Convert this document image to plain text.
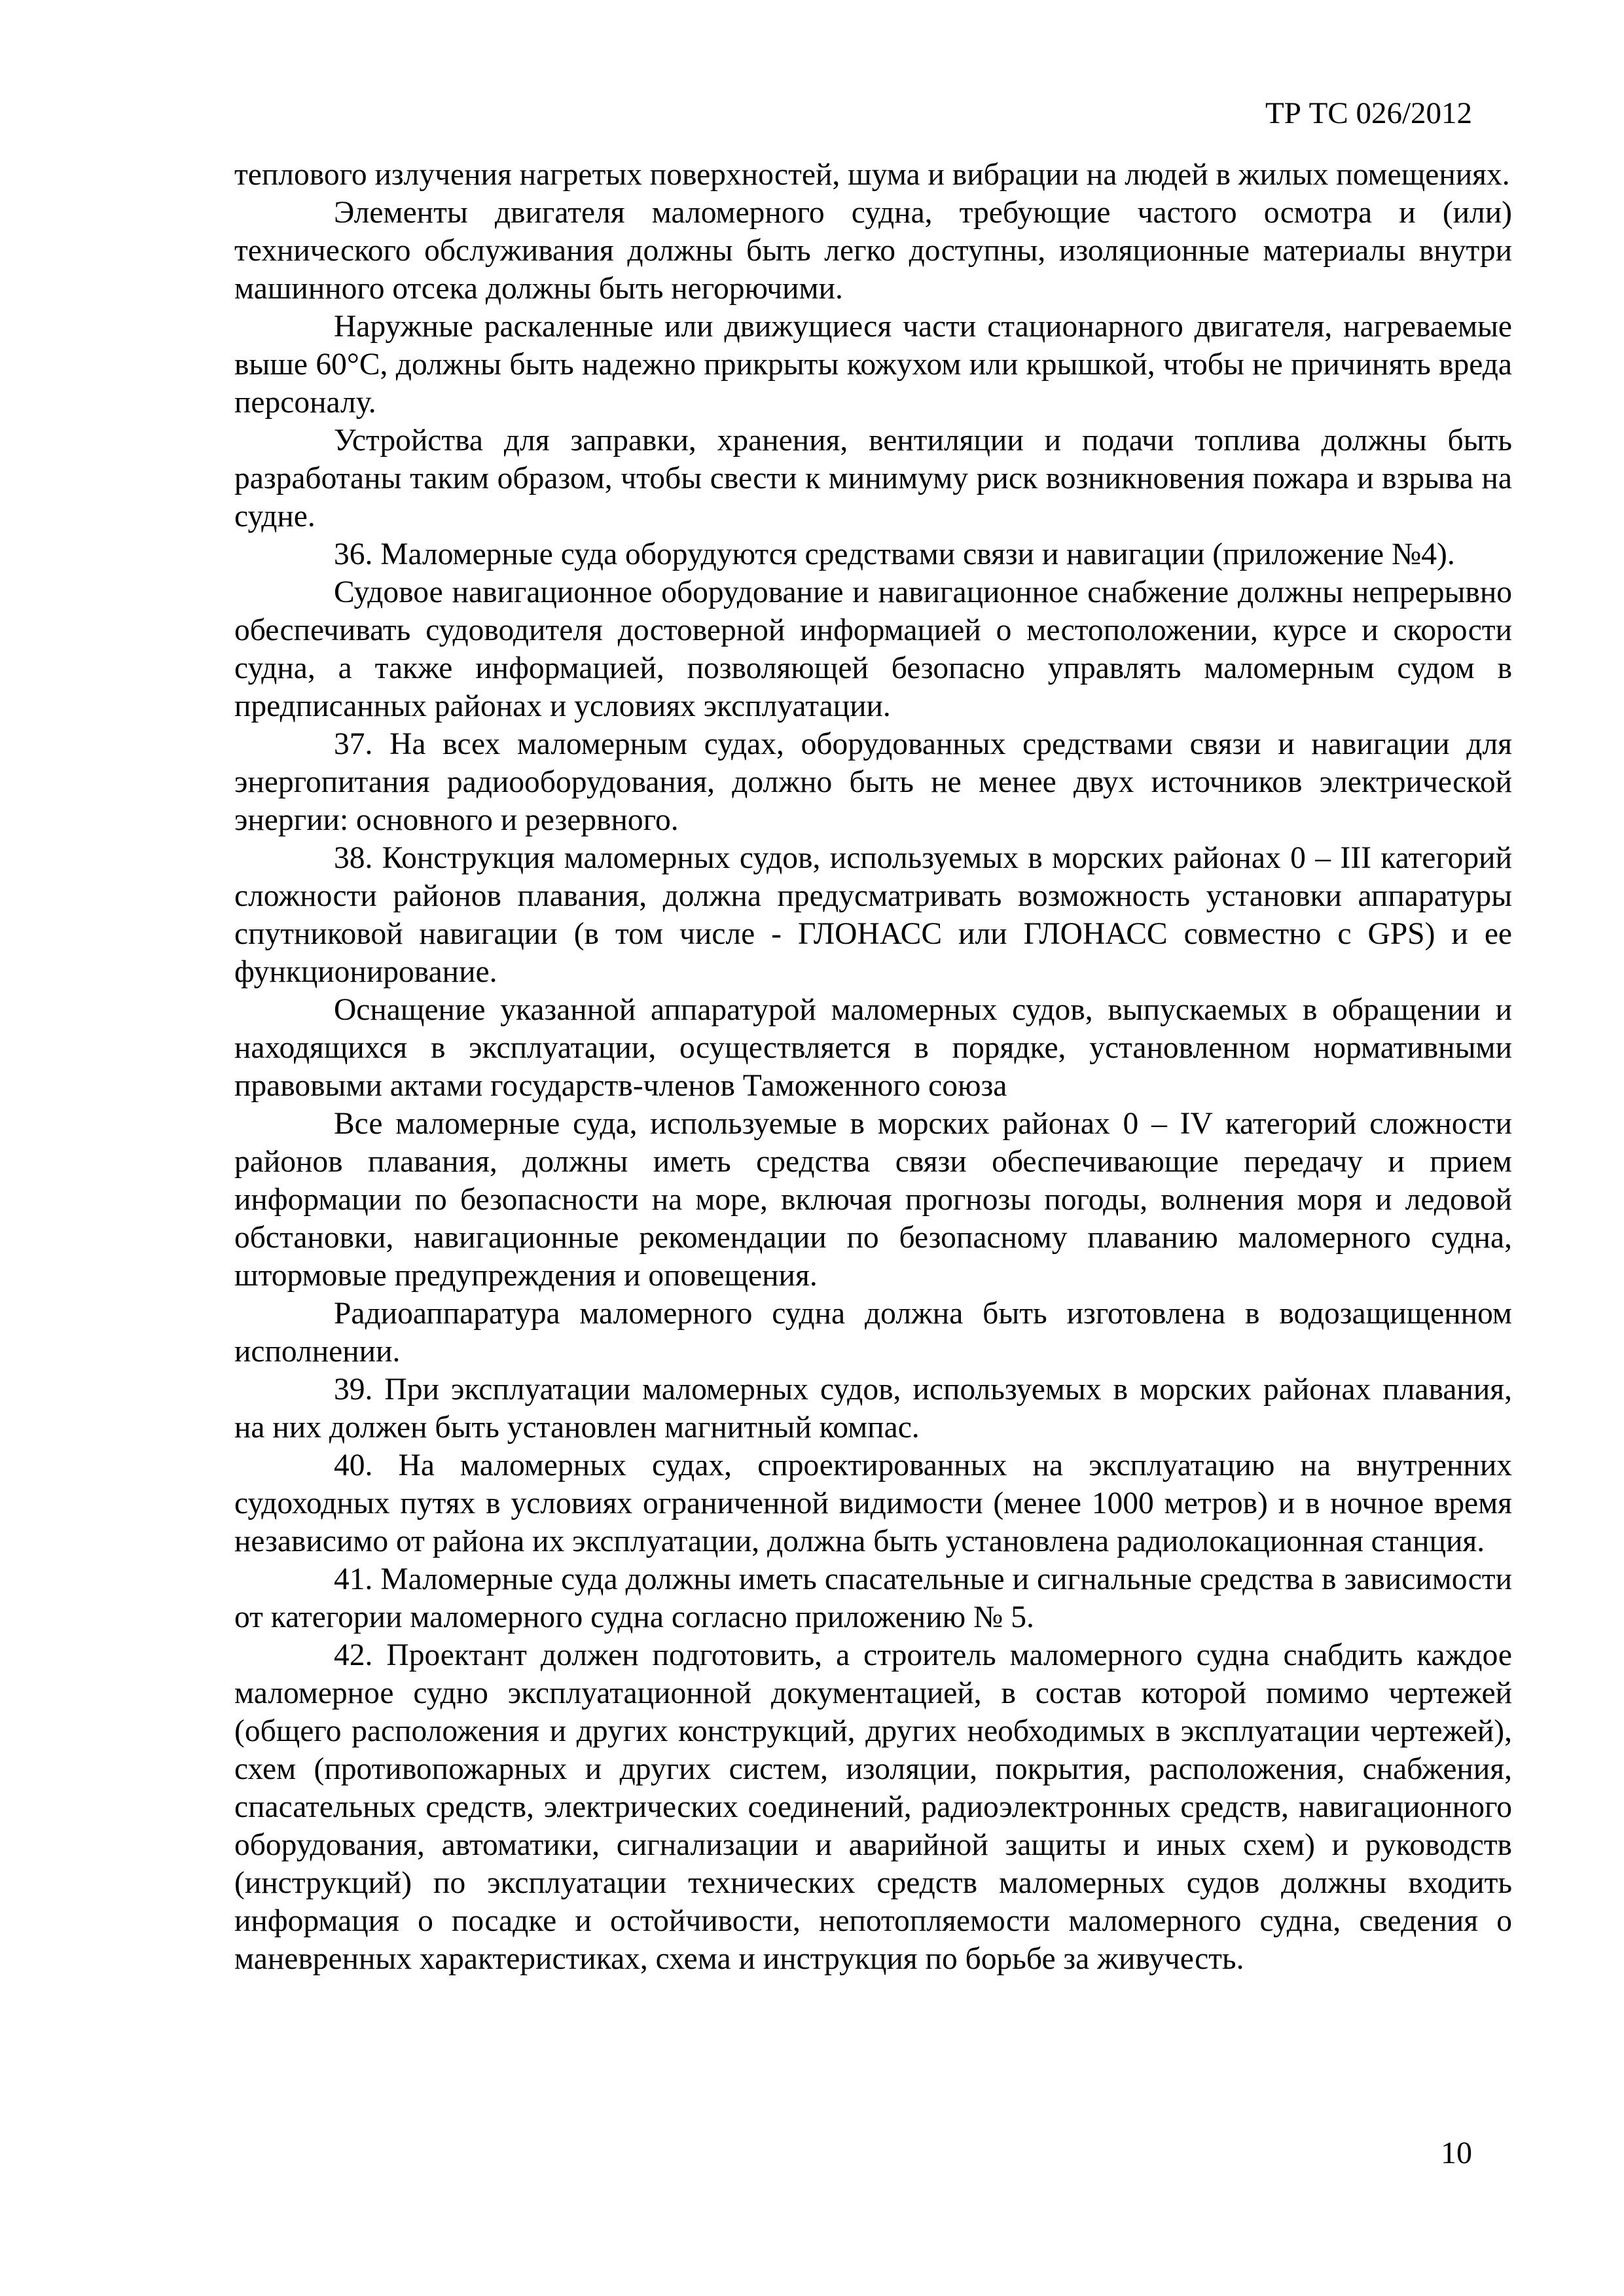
ТР ТС 026/2012

теплового излучения нагретых поверхностей, шума и вибрации на людей в жилых помещениях.

Элементы двигателя маломерного судна, требующие частого осмотра и (или) технического обслуживания должны быть легко доступны, изоляционные материалы внутри машинного отсека должны быть негорючими.

Наружные раскаленные или движущиеся части стационарного двигателя, нагреваемые выше 60°С, должны быть надежно прикрыты кожухом или крышкой, чтобы не причинять вреда персоналу.

Устройства для заправки, хранения, вентиляции и подачи топлива должны быть разработаны таким образом, чтобы свести к минимуму риск возникновения пожара и взрыва на судне.

36. Маломерные суда оборудуются средствами связи и навигации (приложение №4).

Судовое навигационное оборудование и навигационное снабжение должны непрерывно обеспечивать судоводителя достоверной информацией о местоположении, курсе и скорости судна, а также информацией, позволяющей безопасно управлять маломерным судом в предписанных районах и условиях эксплуатации.

37. На всех маломерным судах, оборудованных средствами связи и навигации для энергопитания радиооборудования, должно быть не менее двух источников электрической энергии: основного и резервного.

38. Конструкция маломерных судов, используемых в морских районах 0 – III категорий сложности районов плавания, должна предусматривать возможность установки аппаратуры спутниковой навигации (в том числе - ГЛОНАСС или ГЛОНАСС совместно с GPS) и ее функционирование.

Оснащение указанной аппаратурой маломерных судов, выпускаемых в обращении и находящихся в эксплуатации, осуществляется в порядке, установленном нормативными правовыми актами государств-членов Таможенного союза

Все маломерные суда, используемые в морских районах 0 – IV категорий сложности районов плавания, должны иметь средства связи обеспечивающие передачу и прием информации по безопасности на море, включая прогнозы погоды, волнения моря и ледовой обстановки, навигационные рекомендации по безопасному плаванию маломерного судна, штормовые предупреждения и оповещения.

Радиоаппаратура маломерного судна должна быть изготовлена в водозащищенном исполнении.

39. При эксплуатации маломерных судов, используемых в морских районах плавания, на них должен быть установлен магнитный компас.

40. На маломерных судах, спроектированных на эксплуатацию на внутренних судоходных путях в условиях ограниченной видимости (менее 1000 метров) и в ночное время независимо от района их эксплуатации, должна быть установлена радиолокационная станция.

41. Маломерные суда должны иметь спасательные и сигнальные средства в зависимости от категории маломерного судна согласно приложению № 5.

42. Проектант должен подготовить, а строитель маломерного судна снабдить каждое маломерное судно эксплуатационной документацией, в состав которой помимо чертежей (общего расположения и других конструкций, других необходимых в эксплуатации чертежей), схем (противопожарных и других систем, изоляции, покрытия, расположения, снабжения, спасательных средств, электрических соединений, радиоэлектронных средств, навигационного оборудования, автоматики, сигнализации и аварийной защиты и иных схем) и руководств (инструкций) по эксплуатации технических средств маломерных судов должны входить информация о посадке и остойчивости, непотопляемости маломерного судна, сведения о маневренных характеристиках, схема и инструкция по борьбе за живучесть.

10
